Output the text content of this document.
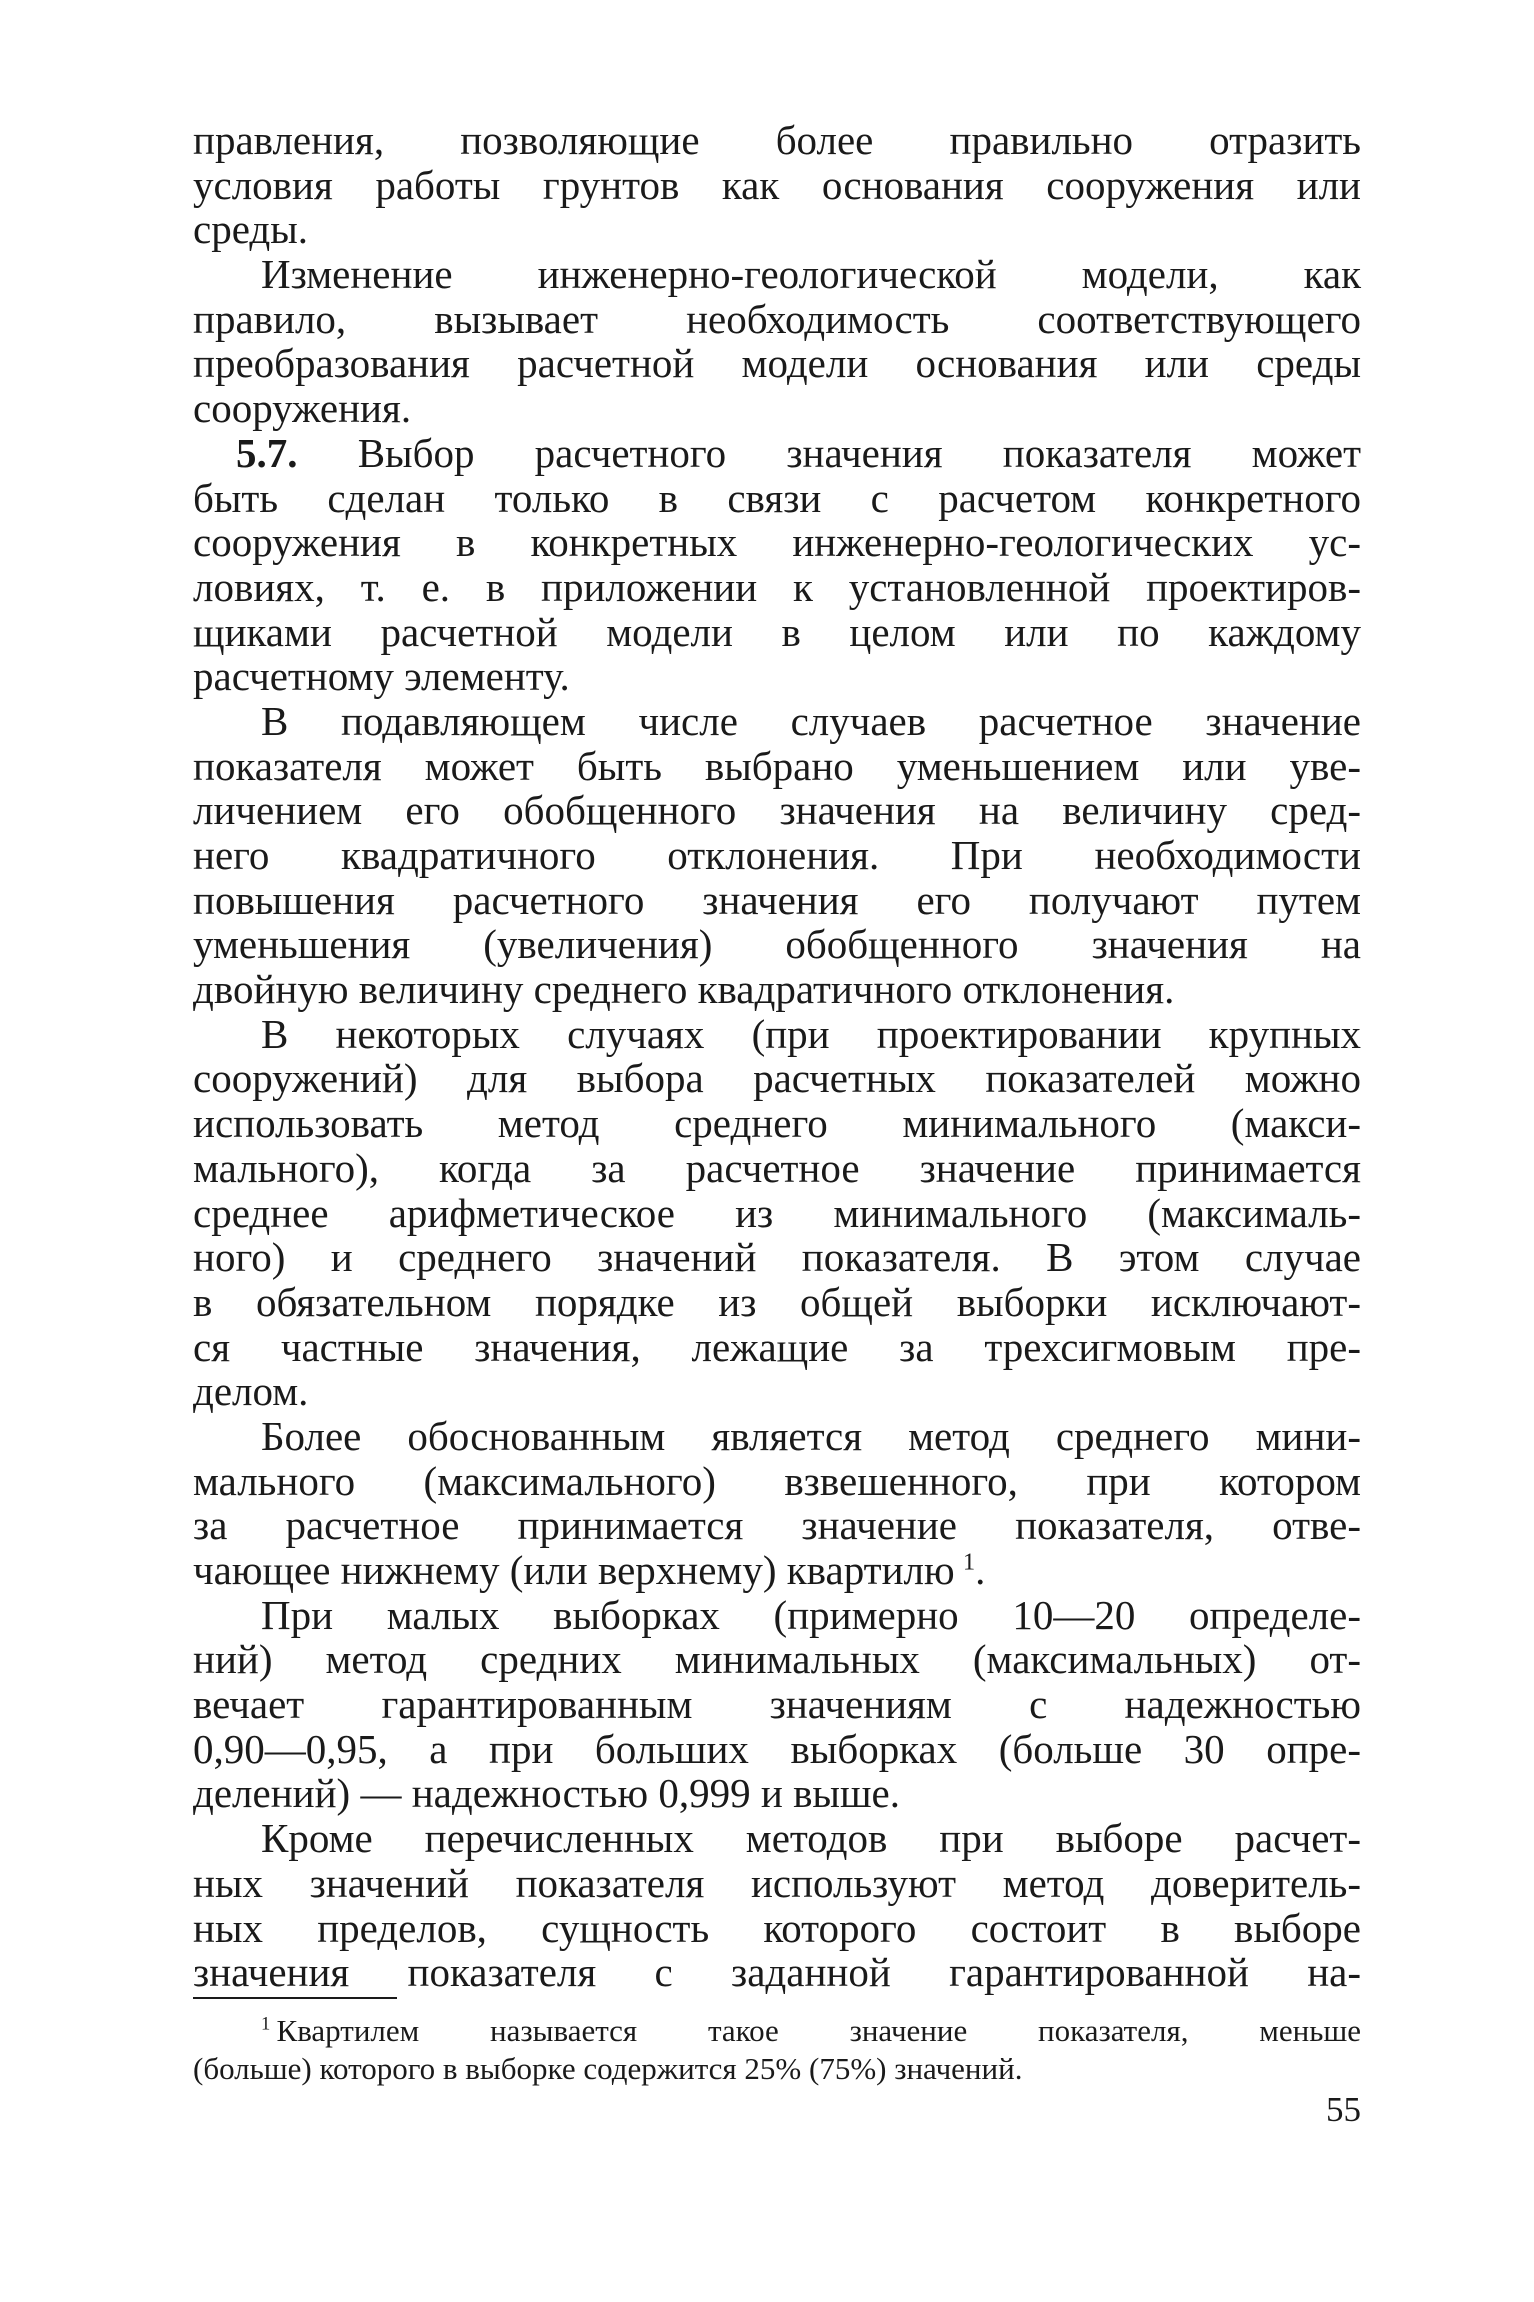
правления, позволяющие более правильно отразить
условия работы грунтов как основания сооружения или
среды.
Изменение инженерно-геологической модели, как
правило, вызывает необходимость соответствующего
преобразования расчетной модели основания или среды
сооружения.
5.7. Выбор расчетного значения показателя может
быть сделан только в связи с расчетом конкретного
сооружения в конкретных инженерно-геологических ус-
ловиях, т. е. в приложении к установленной проектиров-
щиками расчетной модели в целом или по каждому
расчетному элементу.
В подавляющем числе случаев расчетное значение
показателя может быть выбрано уменьшением или уве-
личением его обобщенного значения на величину сред-
него квадратичного отклонения. При необходимости
повышения расчетного значения его получают путем
уменьшения (увеличения) обобщенного значения на
двойную величину среднего квадратичного отклонения.
В некоторых случаях (при проектировании крупных
сооружений) для выбора расчетных показателей можно
использовать метод среднего минимального (макси-
мального), когда за расчетное значение принимается
среднее арифметическое из минимального (максималь-
ного) и среднего значений показателя. В этом случае
в обязательном порядке из общей выборки исключают-
ся частные значения, лежащие за трехсигмовым пре-
делом.
Более обоснованным является метод среднего мини-
мального (максимального) взвешенного, при котором
за расчетное принимается значение показателя, отве-
чающее нижнему (или верхнему) квартилю  $^1$.
При малых выборках (примерно 10—20 определе-
ний) метод средних минимальных (максимальных) от-
вечает гарантированным значениям с надежностью
0,90—0,95, а при больших выборках (больше 30 опре-
делений) — надежностью 0,999 и выше.
Кроме перечисленных методов при выборе расчет-
ных значений показателя используют метод доверитель-
ных пределов, сущность которого состоит в выборе
значения показателя с заданной гарантированной на-
$^1$  Квартилем называется такое значение показателя, меньше
(больше) которого в выборке содержится 25% (75%) значений.
55
